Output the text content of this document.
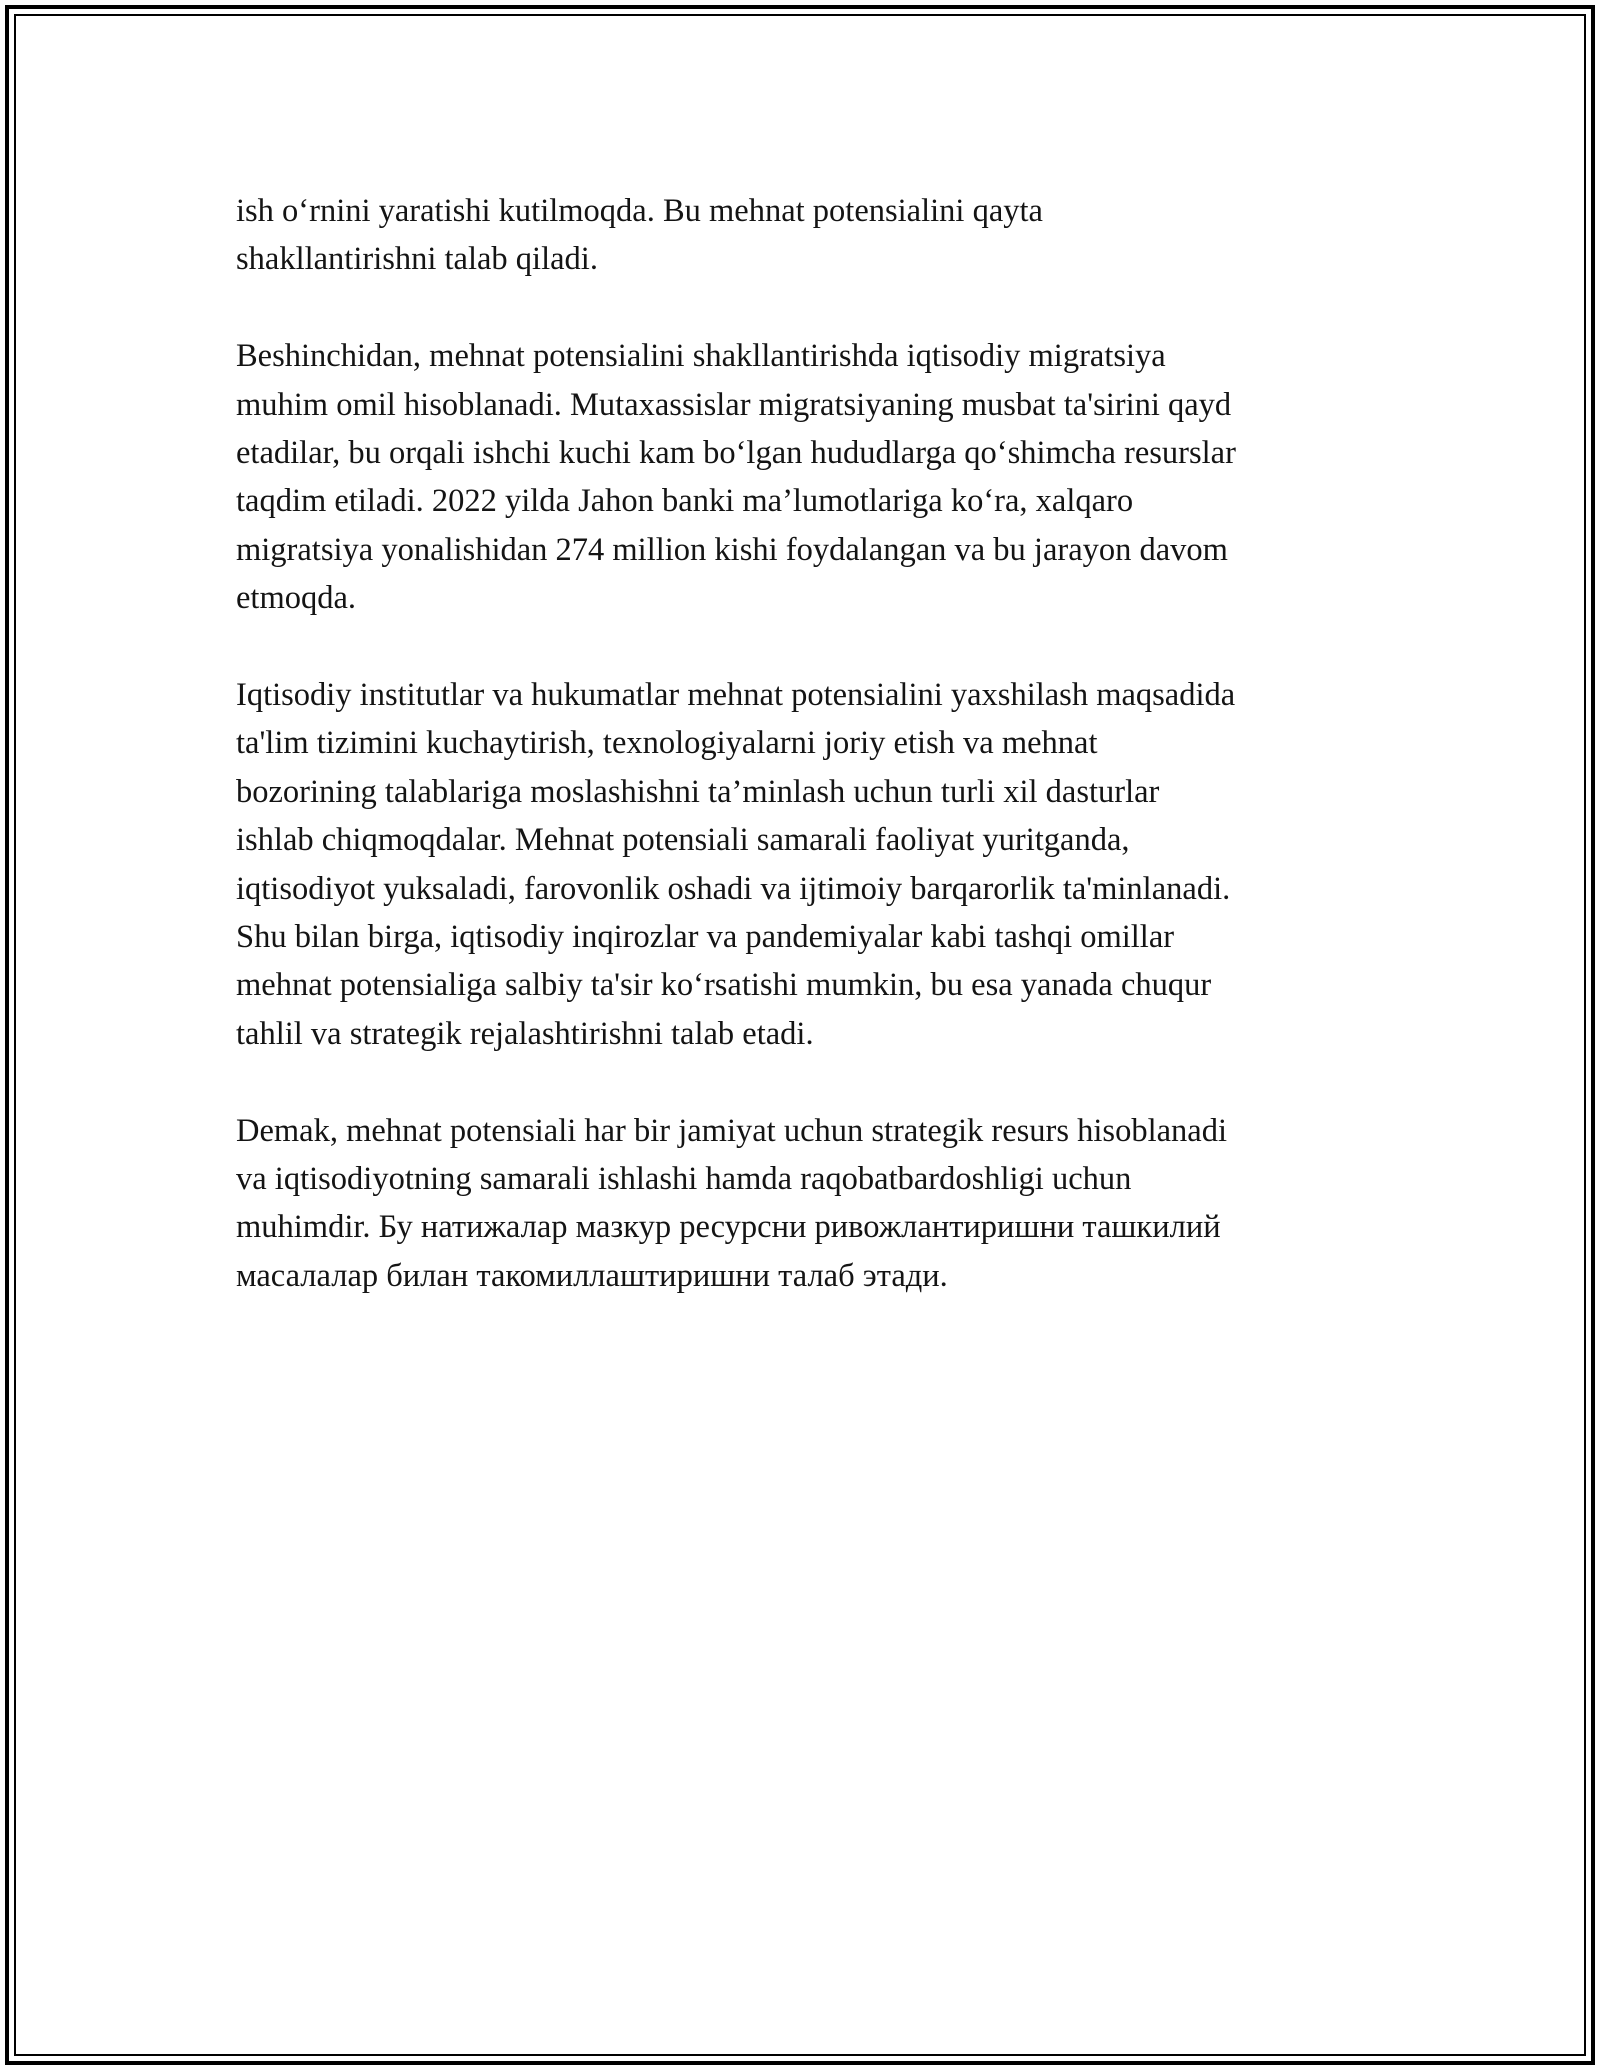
ish o‘rnini yaratishi kutilmoqda. Bu mehnat potensialini qayta
shakllantirishni talab qiladi.

Beshinchidan, mehnat potensialini shakllantirishda iqtisodiy migratsiya
muhim omil hisoblanadi. Mutaxassislar migratsiyaning musbat ta'sirini qayd
etadilar, bu orqali ishchi kuchi kam bo‘lgan hududlarga qo‘shimcha resurslar
taqdim etiladi. 2022 yilda Jahon banki ma’lumotlariga ko‘ra, xalqaro
migratsiya yonalishidan 274 million kishi foydalangan va bu jarayon davom
etmoqda.

Iqtisodiy institutlar va hukumatlar mehnat potensialini yaxshilash maqsadida
ta'lim tizimini kuchaytirish, texnologiyalarni joriy etish va mehnat
bozorining talablariga moslashishni ta’minlash uchun turli xil dasturlar
ishlab chiqmoqdalar. Mehnat potensiali samarali faoliyat yuritganda,
iqtisodiyot yuksaladi, farovonlik oshadi va ijtimoiy barqarorlik ta'minlanadi.
Shu bilan birga, iqtisodiy inqirozlar va pandemiyalar kabi tashqi omillar
mehnat potensialiga salbiy ta'sir ko‘rsatishi mumkin, bu esa yanada chuqur
tahlil va strategik rejalashtirishni talab etadi.

Demak, mehnat potensiali har bir jamiyat uchun strategik resurs hisoblanadi
va iqtisodiyotning samarali ishlashi hamda raqobatbardoshligi uchun
muhimdir. Бу натижалар мазкур ресурсни ривожлантиришни ташкилий
масалалар билан такомиллаштиришни талаб этади.
